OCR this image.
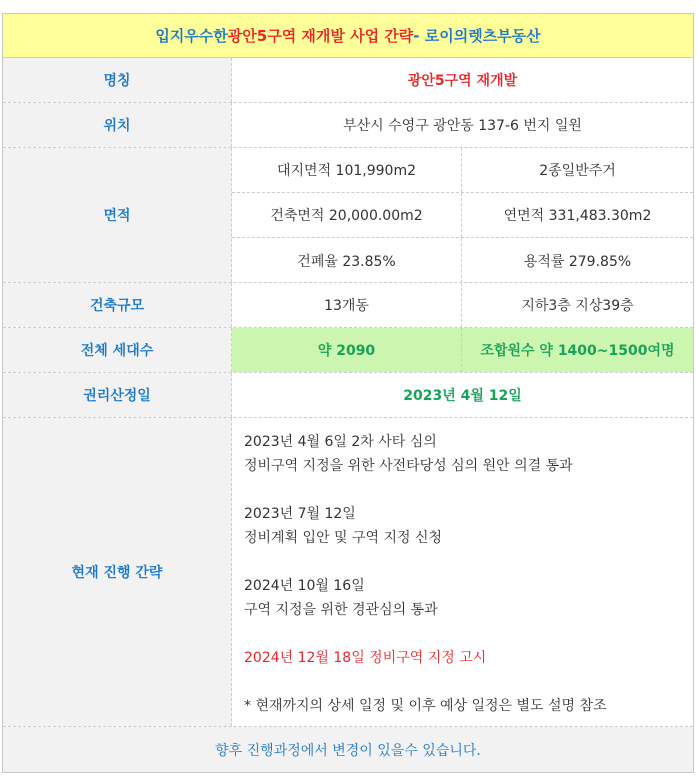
입지우수한 광안5구역 재개발 사업 간략 - 로이의렛츠부동산
명칭	광안5구역 재개발
위치	부산시 수영구 광안동 137-6 번지 일원
면적
대지면적 101,990m2	2종일반주거
건축면적 20,000.00m2	연면적 331,483.30m2
건폐율 23.85%	용적률 279.85%
건축규모	13개동	지하3층 지상39층
전체 세대수	약 2090	조합원수 약 1400~1500여명
권리산정일	2023년 4월 12일
현재 진행 간략

2023년 4월 6일 2차 사타 심의

정비구역 지정을 위한 사전타당성 심의 원안 의결 통과

2023년 7월 12일

정비계획 입안 및 구역 지정 신청

2024년 10월 16일

구역 지정을 위한 경관심의 통과

2024년 12월 18일 정비구역 지정 고시

* 현재까지의 상세 일정 및 이후 예상 일정은 별도 설명 참조

향후 진행과정에서 변경이 있을수 있습니다.
